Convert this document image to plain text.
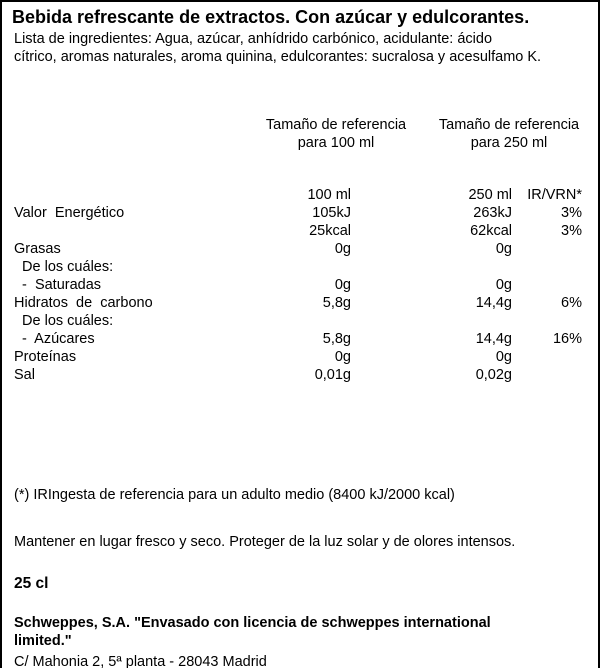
Bebida refrescante de extractos. Con azúcar y edulcorantes.
Lista de ingredientes: Agua, azúcar, anhídrido carbónico, acidulante: ácido
cítrico, aromas naturales, aroma quinina, edulcorantes: sucralosa y acesulfamo K.
Tamaño de referencia
para 100 ml
Tamaño de referencia
para 250 ml
100 ml	250 ml IR/VRN*
Valor  Energético	105kJ	263kJ	3%
25kcal	62kcal	3%
Grasas	0g	0g
De los cuáles:
-  Saturadas	0g	0g
Hidratos  de  carbono	5,8g	14,4g	6%
De los cuáles:
-  Azúcares	5,8g	14,4g	16%
Proteínas	0g	0g
Sal	0,01g	0,02g
(*) IRIngesta de referencia para un adulto medio (8400 kJ/2000 kcal)
Mantener en lugar fresco y seco. Proteger de la luz solar y de olores intensos.
25 cl
Schweppes, S.A. "Envasado con licencia de schweppes international
limited."
C/ Mahonia 2, 5ª planta - 28043 Madrid
